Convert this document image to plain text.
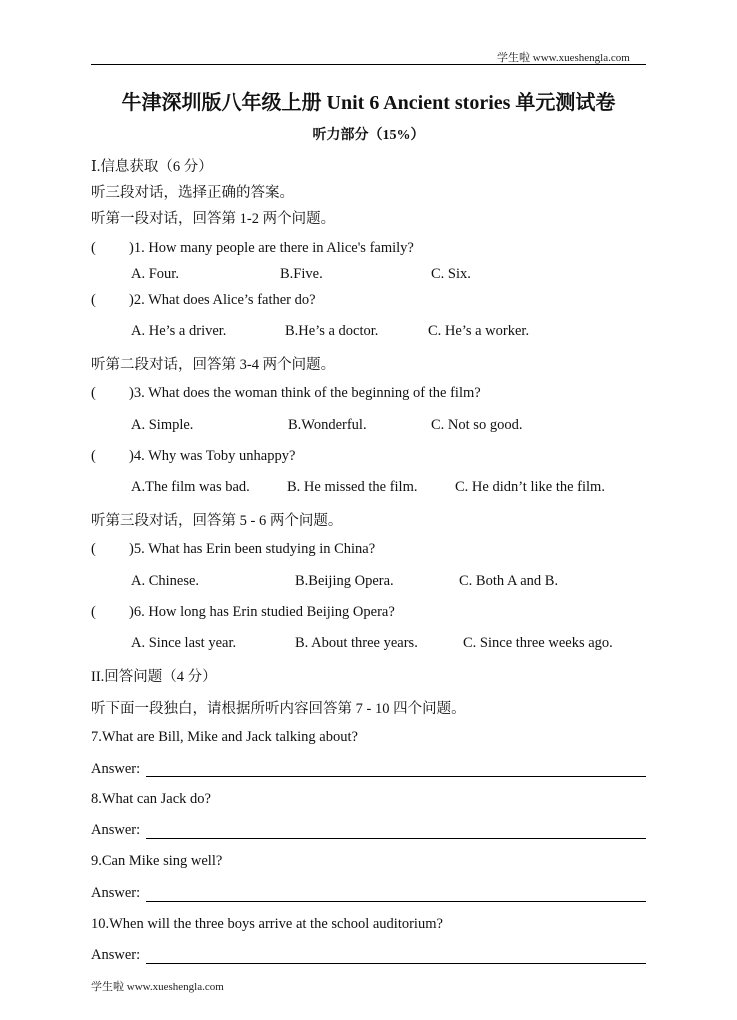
学生啦 www.xueshengla.com
牛津深圳版八年级上册 Unit 6 Ancient stories 单元测试卷
听力部分（15%）
Ⅰ.信息获取（6 分）
听三段对话，选择正确的答案。
听第一段对话，回答第 1-2 两个问题。
( )1. How many people are there in Alice's family?
A. Four.	B.Five.	C. Six.
( )2. What does Alice’s father do?
A. He’s a driver.	B.He’s a doctor.	C. He’s a worker.
听第二段对话，回答第 3-4 两个问题。
( )3. What does the woman think of the beginning of the film?
A. Simple.	B.Wonderful.	C. Not so good.
( )4. Why was Toby unhappy?
A.The film was bad.	B. He missed the film.	C. He didn’t like the film.
听第三段对话，回答第 5 - 6 两个问题。
( )5. What has Erin been studying in China?
A. Chinese.	B.Beijing Opera.	C. Both A and B.
( )6. How long has Erin studied Beijing Opera?
A. Since last year.	B. About three years.	C. Since three weeks ago.
II.回答问题（4 分）
听下面一段独白，请根据所听内容回答第 7 - 10 四个问题。
7.What are Bill, Mike and Jack talking about?
Answer:
8.What can Jack do?
Answer:
9.Can Mike sing well?
Answer:
10.When will the three boys arrive at the school auditorium?
Answer:
学生啦 www.xueshengla.com
